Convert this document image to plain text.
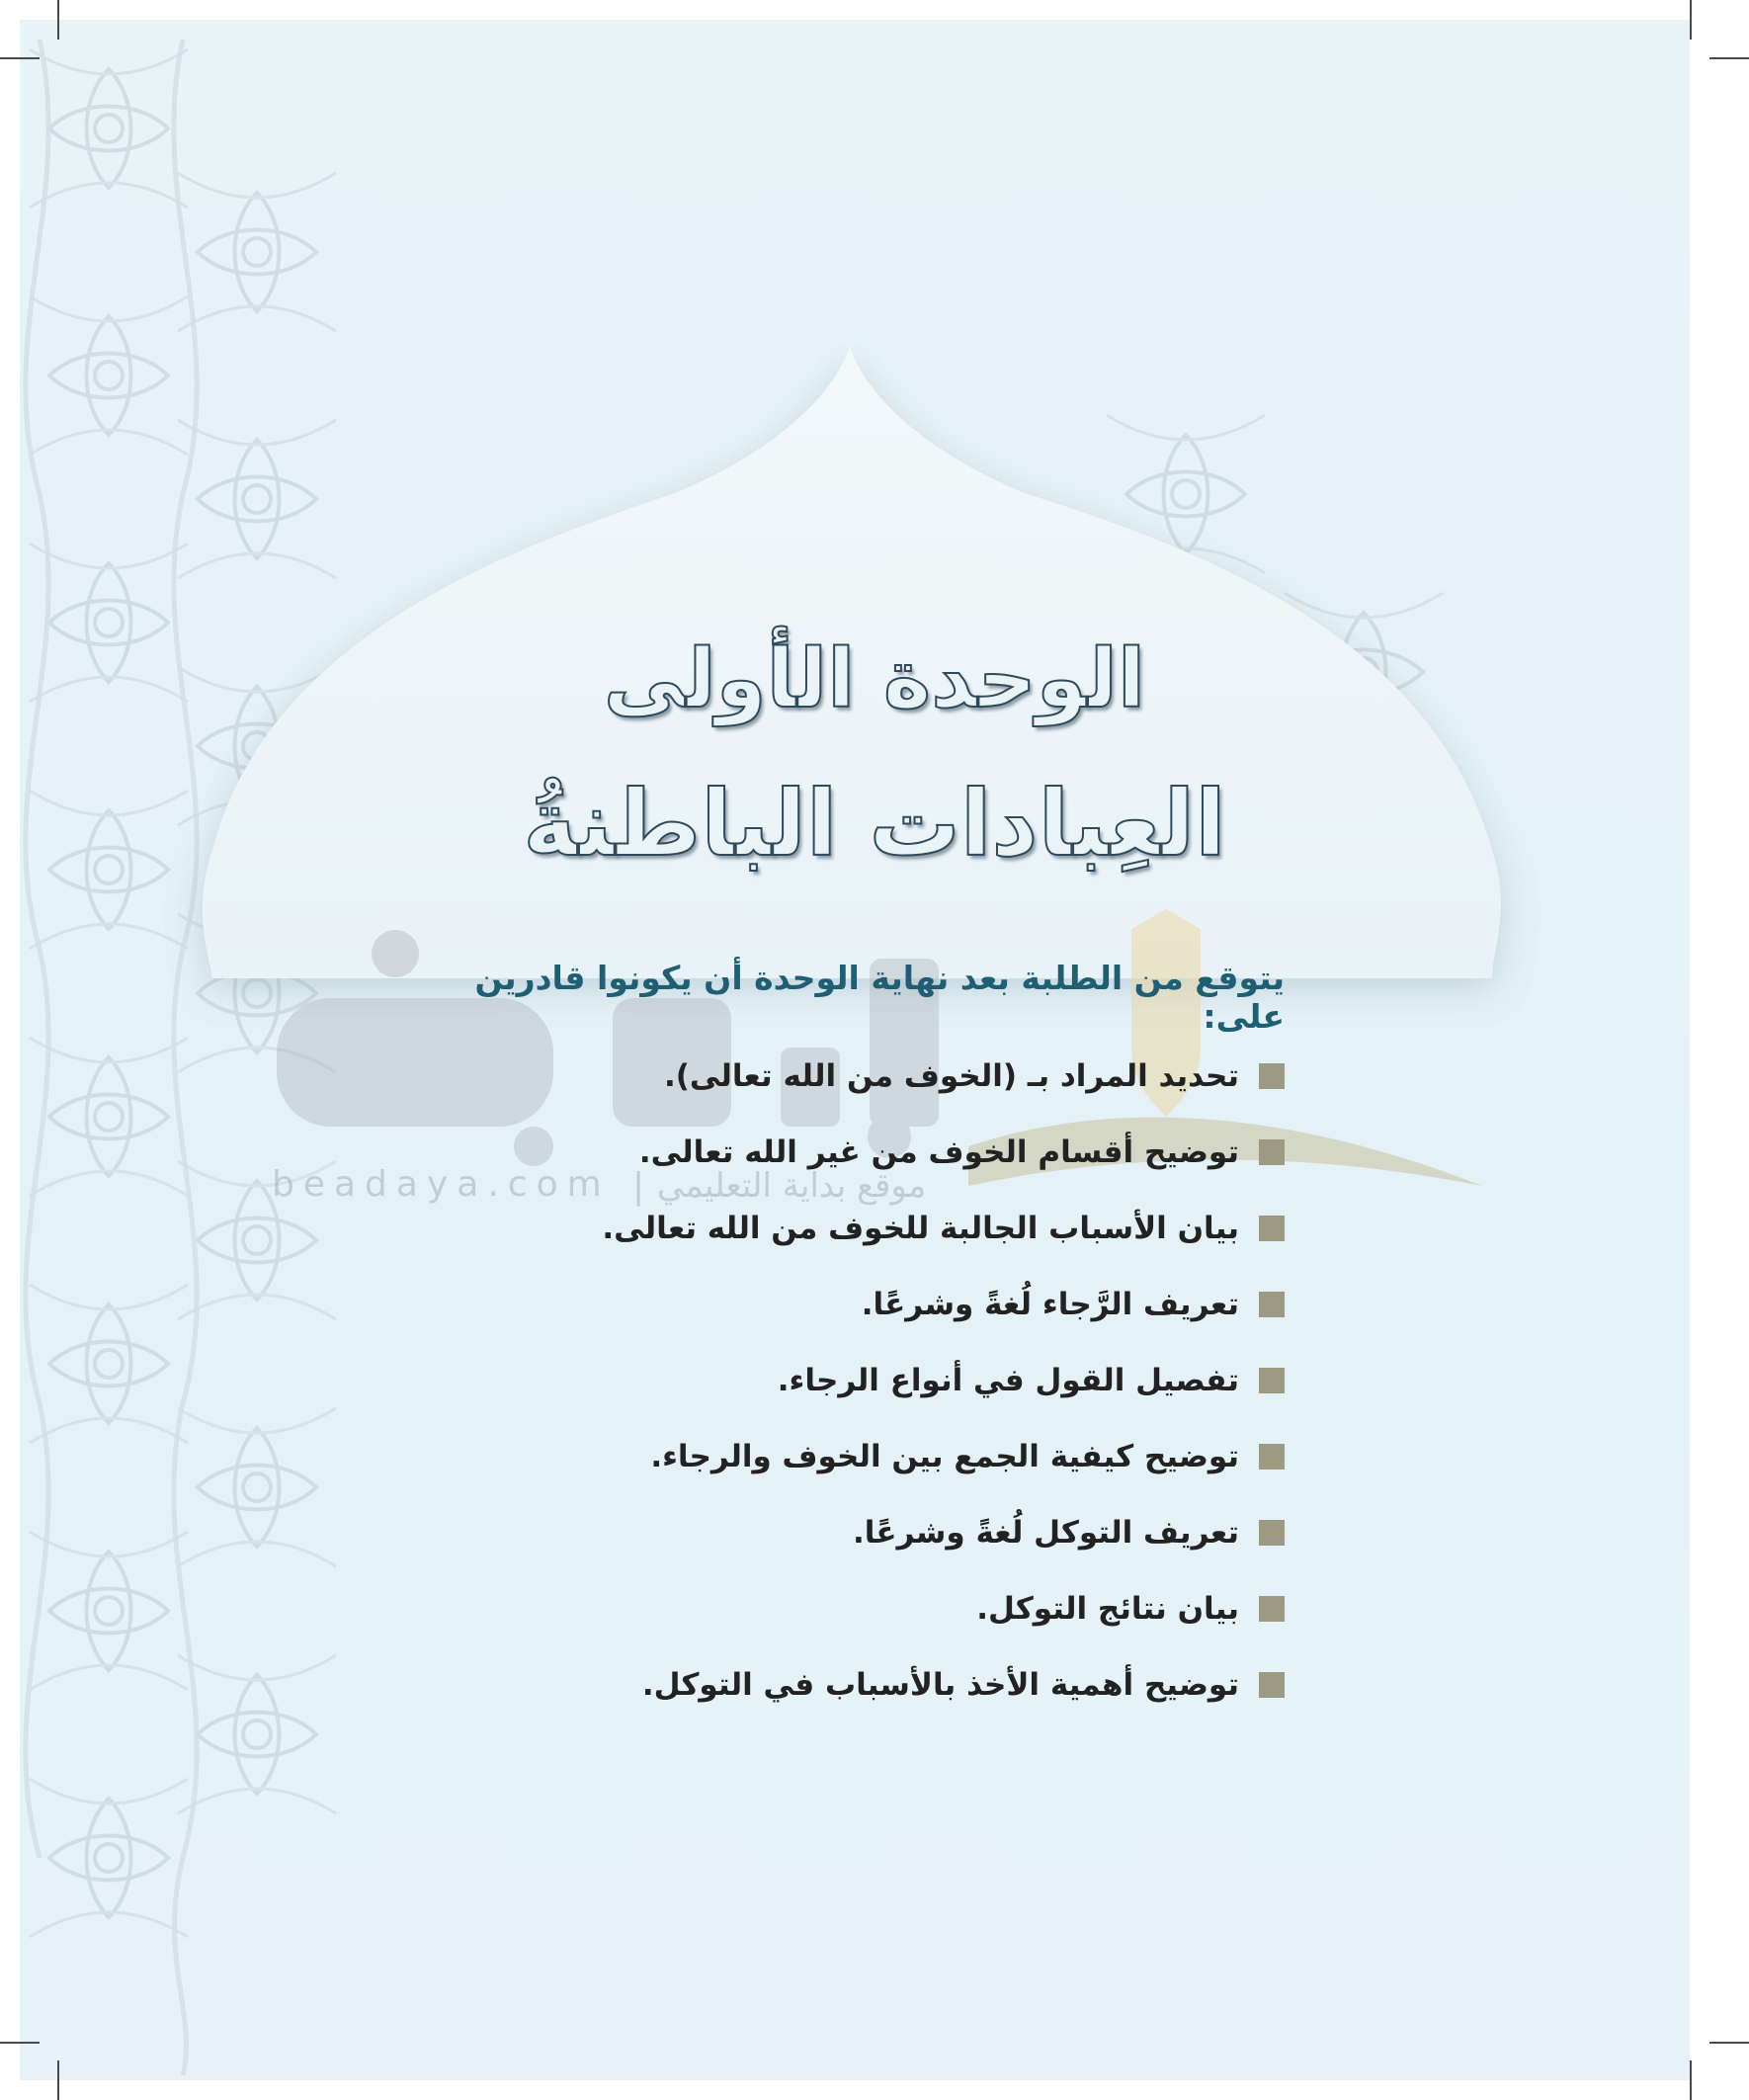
beadaya.com | موقع بداية التعليمي
الوحدة الأولى
العِبادات الباطنةُ
يتوقع من الطلبة بعد نهاية الوحدة أن يكونوا قادرين على:
تحديد المراد بـ (الخوف من الله تعالى).
توضيح أقسام الخوف من غير الله تعالى.
بيان الأسباب الجالبة للخوف من الله تعالى.
تعريف الرَّجاء لُغةً وشرعًا.
تفصيل القول في أنواع الرجاء.
توضيح كيفية الجمع بين الخوف والرجاء.
تعريف التوكل لُغةً وشرعًا.
بيان نتائج التوكل.
توضيح أهمية الأخذ بالأسباب في التوكل.
